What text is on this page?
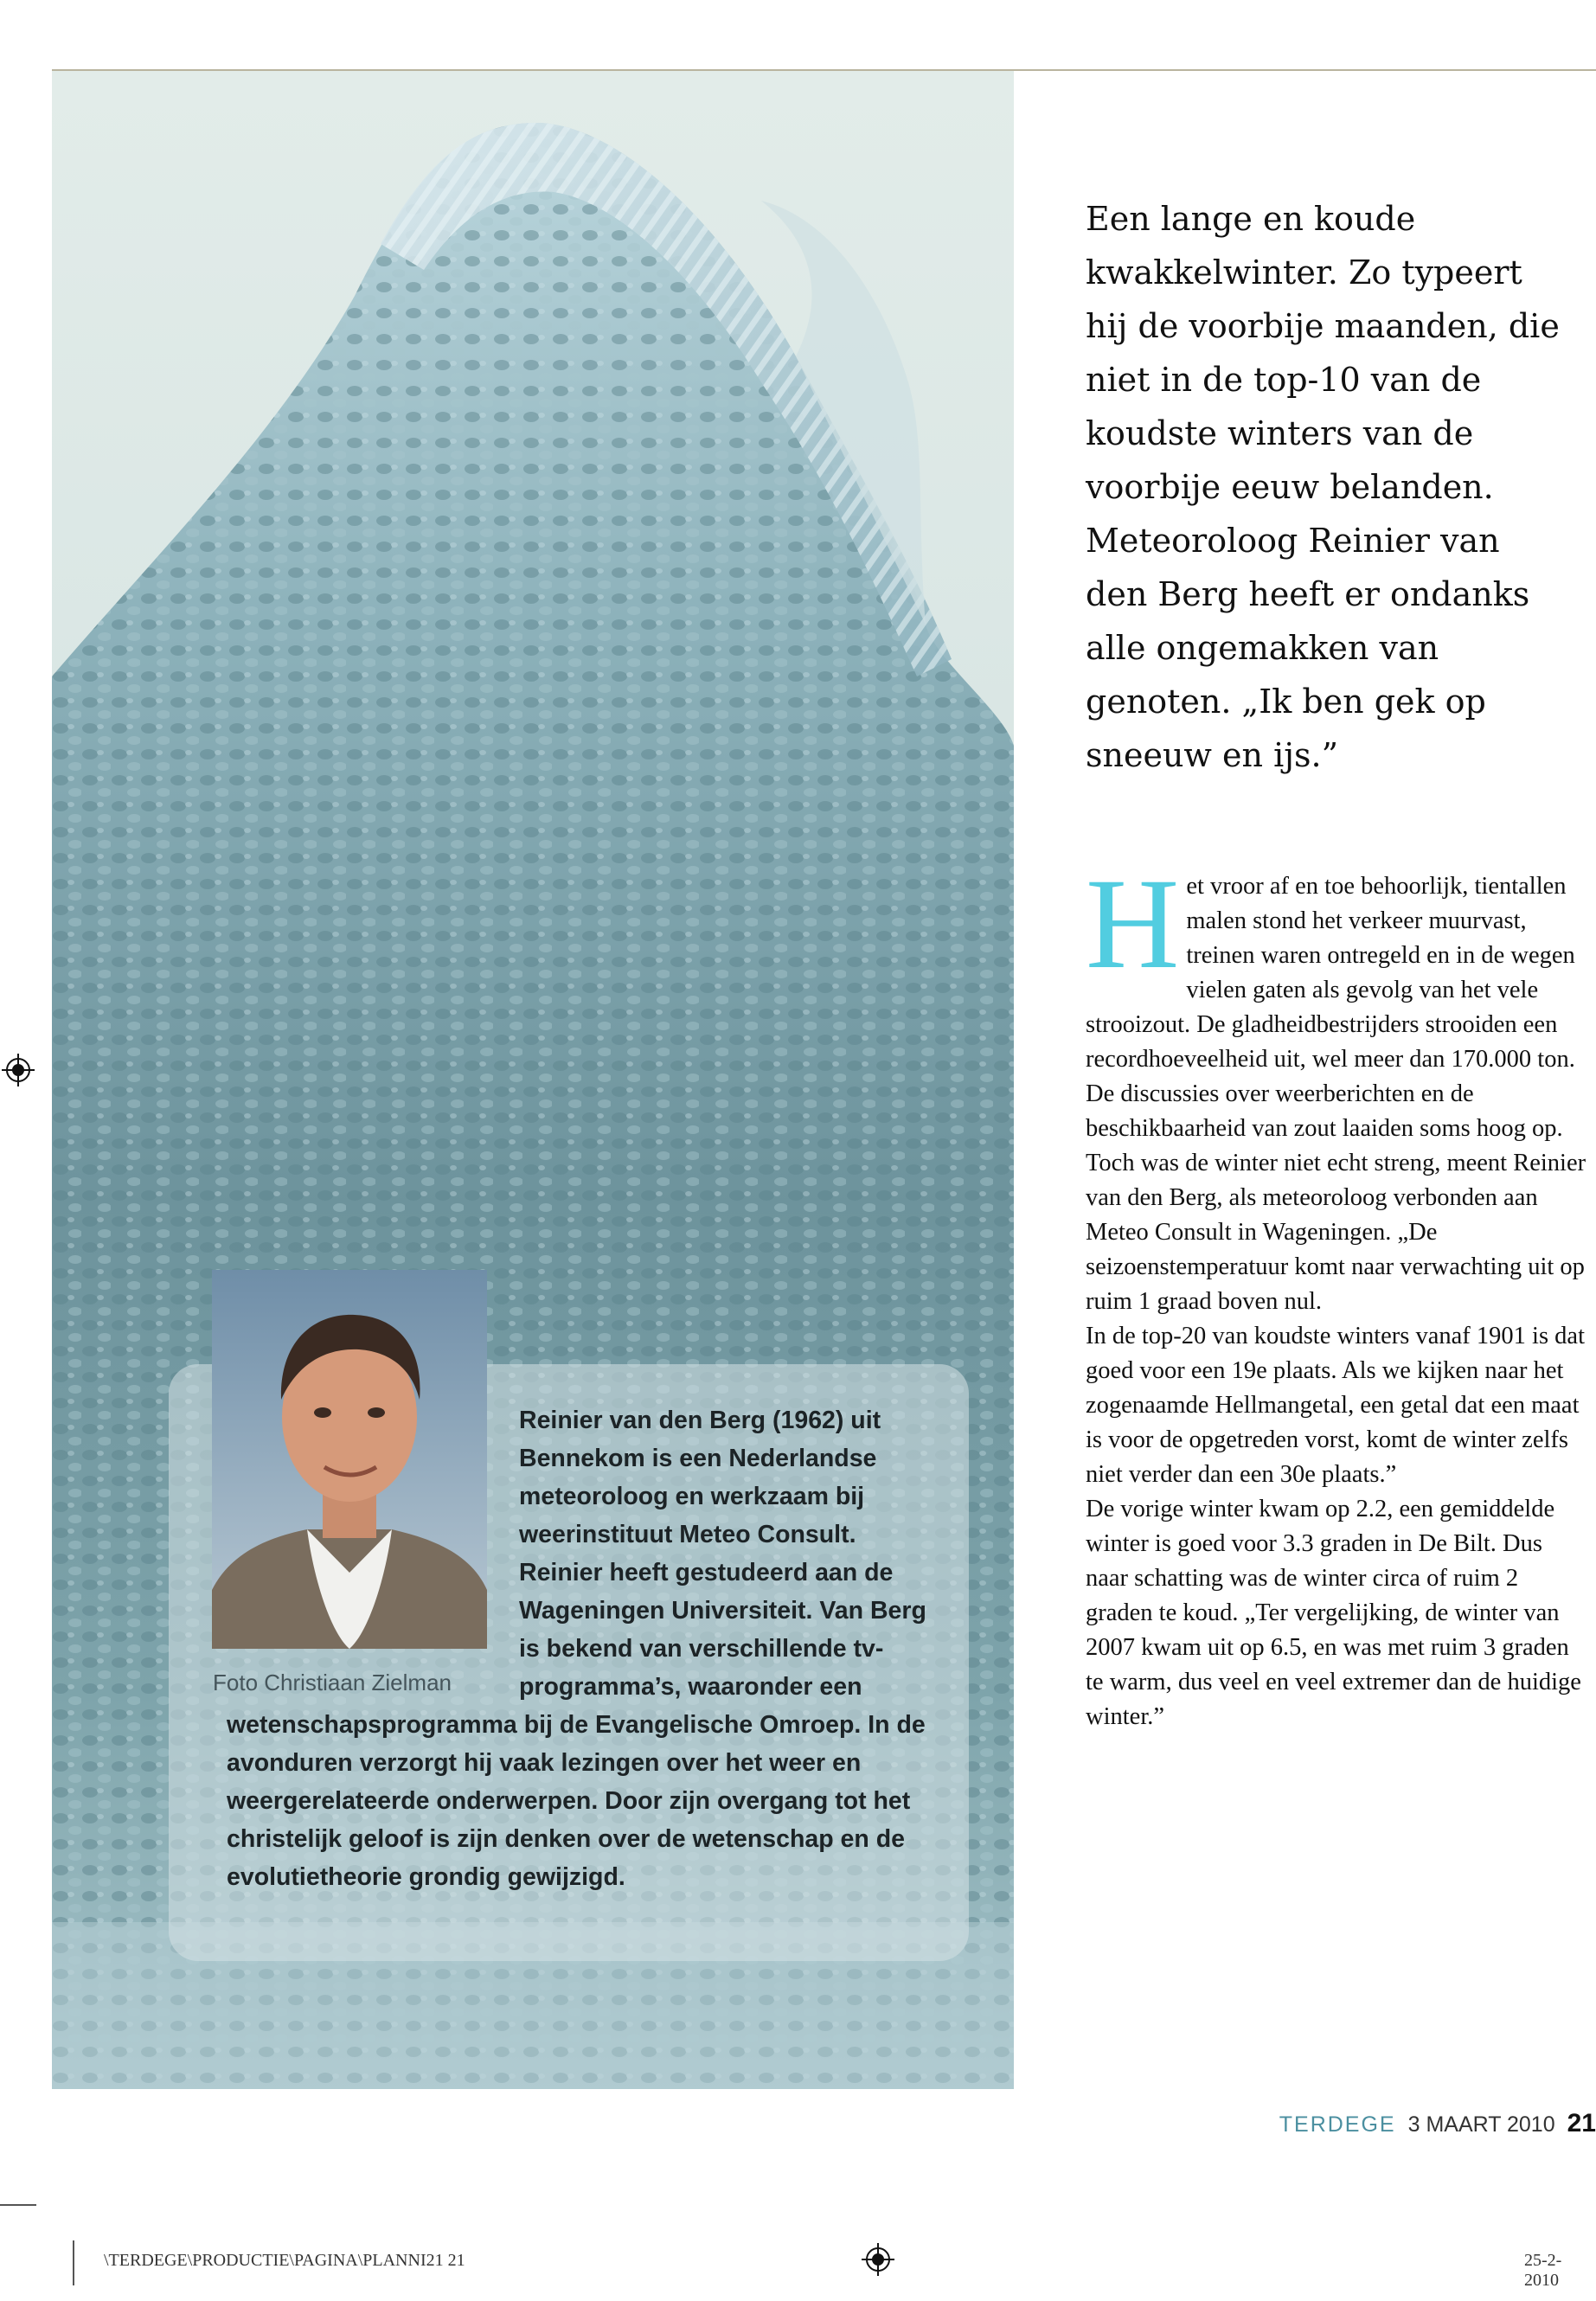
Foto Christiaan Zielman
Reinier van den Berg (1962) uit Bennekom is een Nederlandse meteoroloog en werkzaam bij weerinstituut Meteo Consult. Reinier heeft gestudeerd aan de Wageningen Universiteit. Van Berg is bekend van verschillende tv-programma’s, waaronder een wetenschapsprogramma bij de Evangelische Omroep. In de avonduren verzorgt hij vaak lezingen over het weer en weergerelateerde onderwerpen. Door zijn overgang tot het christelijk geloof is zijn denken over de wetenschap en de evolutietheorie grondig gewijzigd.

Een lange en koude kwakkelwinter. Zo typeert hij de voorbije maanden, die niet in de top-10 van de koudste winters van de voorbije eeuw belanden. Meteoroloog Reinier van den Berg heeft er ondanks alle ongemakken van genoten. „Ik ben gek op sneeuw en ijs.”

H et vroor af en toe behoorlijk, tientallen malen stond het verkeer muurvast, treinen waren ontregeld en in de wegen vielen gaten als gevolg van het vele strooizout. De gladheidbestrijders strooiden een recordhoeveelheid uit, wel meer dan 170.000 ton. De discussies over weerberichten en de beschikbaarheid van zout laaiden soms hoog op.

Toch was de winter niet echt streng, meent Reinier van den Berg, als meteoroloog verbonden aan Meteo Consult in Wageningen. „De seizoenstemperatuur komt naar verwachting uit op ruim 1 graad boven nul.

In de top-20 van koudste winters vanaf 1901 is dat goed voor een 19e plaats. Als we kijken naar het zogenaamde Hellmangetal, een getal dat een maat is voor de opgetreden vorst, komt de winter zelfs niet verder dan een 30e plaats.”

De vorige winter kwam op 2.2, een gemiddelde winter is goed voor 3.3 graden in De Bilt. Dus naar schatting was de winter circa of ruim 2 graden te koud. „Ter vergelijking, de winter van 2007 kwam uit op 6.5, en was met ruim 3 graden te warm, dus veel en veel extremer dan de huidige winter.”

TERDEGE 3 MAART 2010 21
\TERDEGE\PRODUCTIE\PAGINA\PLANNI21 21	25-2-2010
